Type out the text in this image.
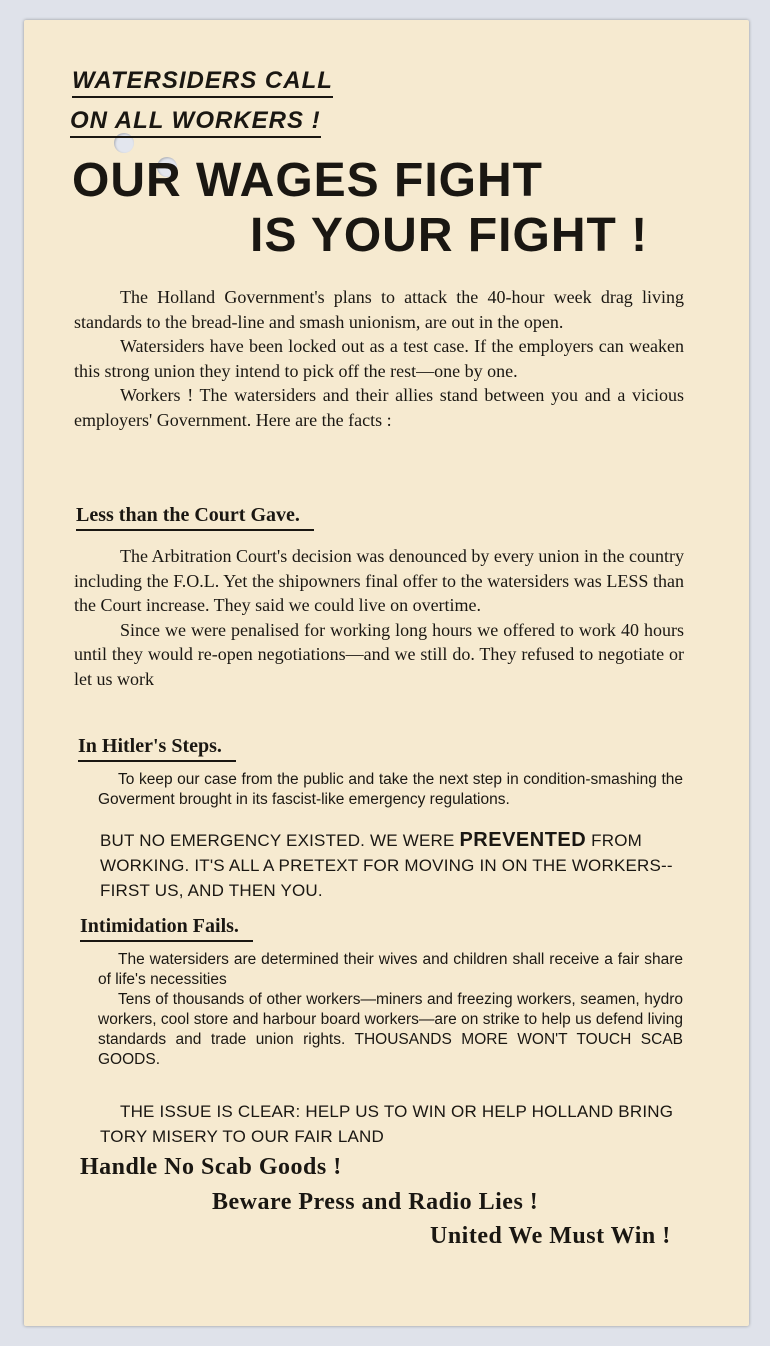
WATERSIDERS CALL
ON ALL WORKERS !
OUR WAGES FIGHT
IS YOUR FIGHT !

The Holland Government's plans to attack the 40-hour week drag living standards to the bread-line and smash unionism, are out in the open.

Watersiders have been locked out as a test case. If the employers can weaken this strong union they intend to pick off the rest—one by one.

Workers ! The watersiders and their allies stand between you and a vicious employers' Government. Here are the facts :

Less than the Court Gave.

The Arbitration Court's decision was denounced by every union in the country including the F.O.L. Yet the shipowners final offer to the watersiders was LESS than the Court increase. They said we could live on overtime.

Since we were penalised for working long hours we offered to work 40 hours until they would re-open negotiations—and we still do. They refused to negotiate or let us work

In Hitler's Steps.

To keep our case from the public and take the next step in condition-smashing the Goverment brought in its fascist-like emergency regulations.

BUT NO EMERGENCY EXISTED. WE WERE PREVENTED FROM WORKING. IT'S ALL A PRETEXT FOR MOVING IN ON THE WORKERS--FIRST US, AND THEN YOU.
Intimidation Fails.

The watersiders are determined their wives and children shall receive a fair share of life's necessities

Tens of thousands of other workers—miners and freezing workers, seamen, hydro workers, cool store and harbour board workers—are on strike to help us defend living standards and trade union rights. THOUSANDS MORE WON'T TOUCH SCAB GOODS.

THE ISSUE IS CLEAR: HELP US TO WIN OR HELP HOLLAND BRING TORY MISERY TO OUR FAIR LAND

Handle No Scab Goods !

Beware Press and Radio Lies !

United We Must Win !
